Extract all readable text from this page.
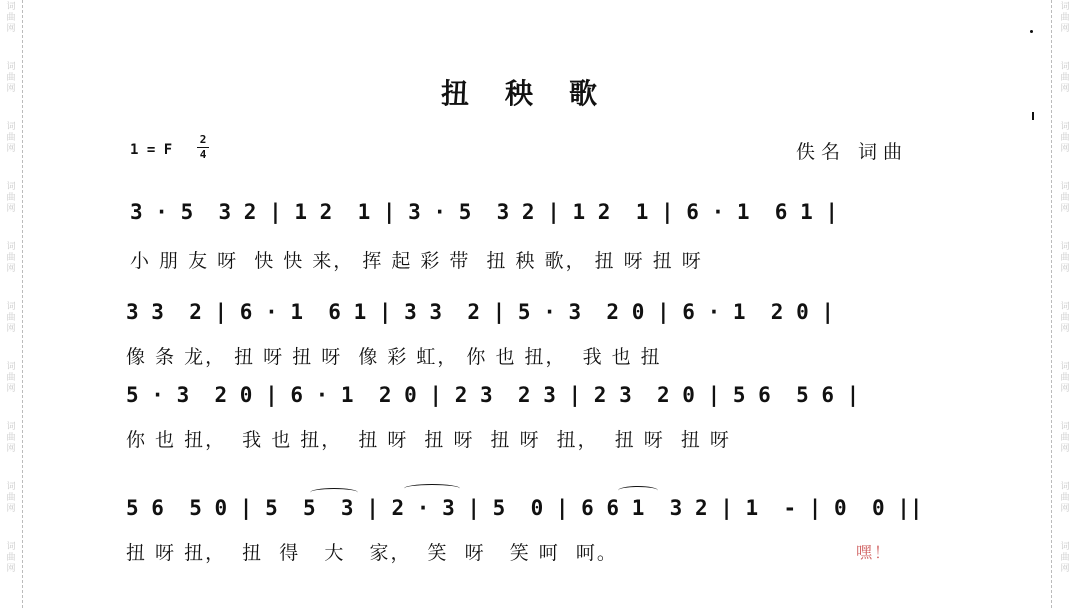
词曲网
词曲网
词曲网
词曲网
词曲网
词曲网
词曲网
词曲网
词曲网
词曲网
词曲网
词曲网
词曲网
词曲网
词曲网
词曲网
词曲网
词曲网
词曲网
词曲网
扭秧歌
1 = F
2
4	佚名 词曲
3 · 5  3 2 | 1 2  1 | 3 · 5  3 2 | 1 2  1 | 6 · 1  6 1 |
小 朋 友 呀  快 快 来， 挥 起 彩 带  扭 秧 歌， 扭 呀 扭 呀
3 3  2 | 6 · 1  6 1 | 3 3  2 | 5 · 3  2 0 | 6 · 1  2 0 |
像 条 龙， 扭 呀 扭 呀  像 彩 虹， 你 也 扭，  我 也 扭
5 · 3  2 0 | 6 · 1  2 0 | 2 3  2 3 | 2 3  2 0 | 5 6  5 6 |
你 也 扭，  我 也 扭，  扭 呀  扭 呀  扭 呀  扭，  扭 呀  扭 呀
5 6  5 0 | 5  5  3 | 2 · 3 | 5  0 | 6 6 1  3 2 | 1  - | 0  0 ||
扭 呀 扭，  扭  得   大   家，  笑  呀   笑 呵  呵。	嘿！
